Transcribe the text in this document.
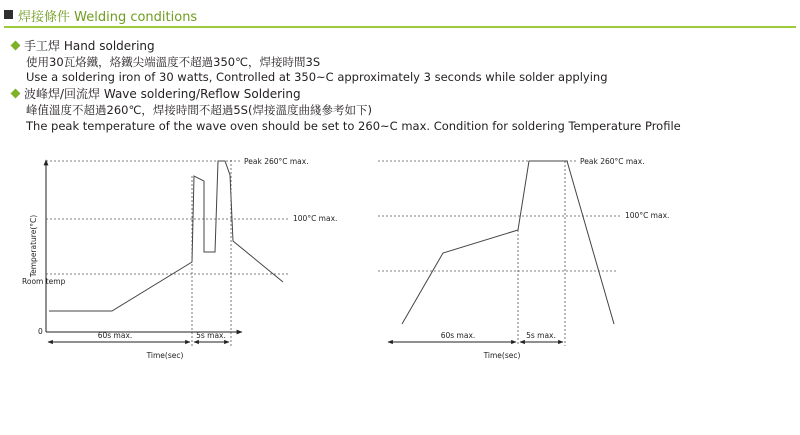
焊接條件 Welding conditions
手工焊 Hand soldering
使用30瓦烙鐵，烙鐵尖端溫度不超過350℃，焊接時間3S
Use a soldering iron of 30 watts, Controlled at 350~C approximately 3 seconds while solder applying
波峰焊/回流焊 Wave soldering/Reflow Soldering
峰值溫度不超過260℃，焊接時間不超過5S(焊接溫度曲綫參考如下)
The peak temperature of the wave oven should be set to 260~C max. Condition for soldering Temperature Profile
Temperature(°C)
Room temp
0
Peak 260°C max.
100°C max.
60s max.	5s max.
Time(sec)
Peak 260°C max.
100°C max.
60s max.	5s max.
Time(sec)
